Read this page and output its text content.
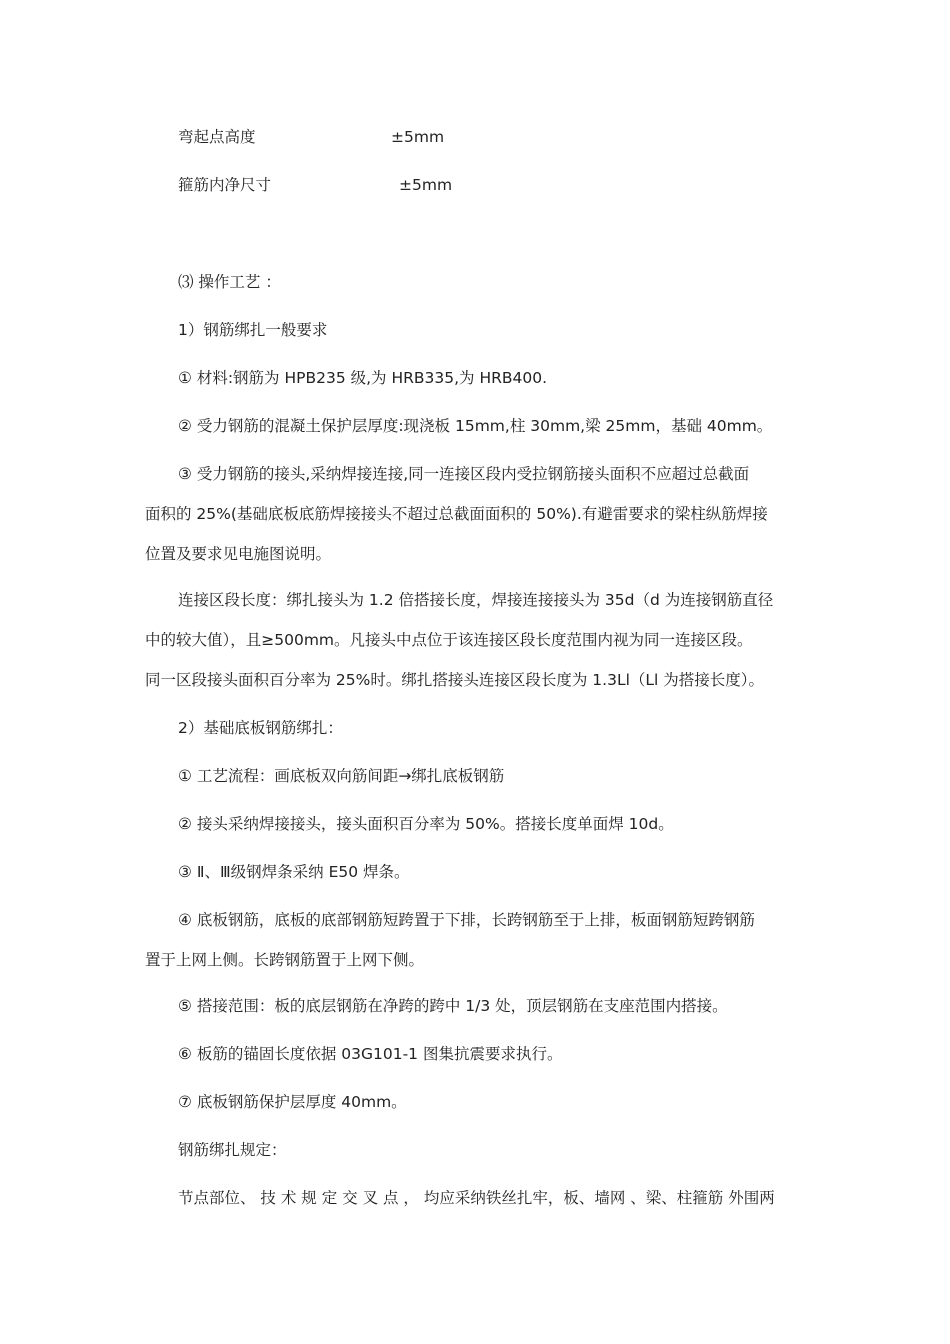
弯起点高度	±5mm
箍筋内净尺寸	±5mm
⑶ 操作工艺 ：
1）钢筋绑扎一般要求
① 材料:钢筋为 HPB235 级,为 HRB335,为 HRB400.
② 受力钢筋的混凝土保护层厚度:现浇板 15mm,柱 30mm,梁 25mm，基础 40mm。
③ 受力钢筋的接头,采纳焊接连接,同一连接区段内受拉钢筋接头面积不应超过总截面
面积的 25%(基础底板底筋焊接接头不超过总截面面积的 50%).有避雷要求的梁柱纵筋焊接
位置及要求见电施图说明。
连接区段长度：绑扎接头为 1.2 倍搭接长度，焊接连接接头为 35d（d 为连接钢筋直径
中的较大值），且≥500mm。凡接头中点位于该连接区段长度范围内视为同一连接区段。
同一区段接头面积百分率为 25%时。绑扎搭接头连接区段长度为 1.3Ll（Ll 为搭接长度）。
2）基础底板钢筋绑扎：
① 工艺流程：画底板双向筋间距→绑扎底板钢筋
② 接头采纳焊接接头，接头面积百分率为 50%。搭接长度单面焊 10d。
③ Ⅱ、Ⅲ级钢焊条采纳 E50 焊条。
④ 底板钢筋，底板的底部钢筋短跨置于下排，长跨钢筋至于上排，板面钢筋短跨钢筋
置于上网上侧。长跨钢筋置于上网下侧。
⑤ 搭接范围：板的底层钢筋在净跨的跨中 1/3 处，顶层钢筋在支座范围内搭接。
⑥ 板筋的锚固长度依据 03G101-1 图集抗震要求执行。
⑦ 底板钢筋保护层厚度 40mm。
钢筋绑扎规定：
节点部位、 技 术 规 定 交 叉 点 ， 均应采纳铁丝扎牢，板、墙网 、梁、柱箍筋 外围两
